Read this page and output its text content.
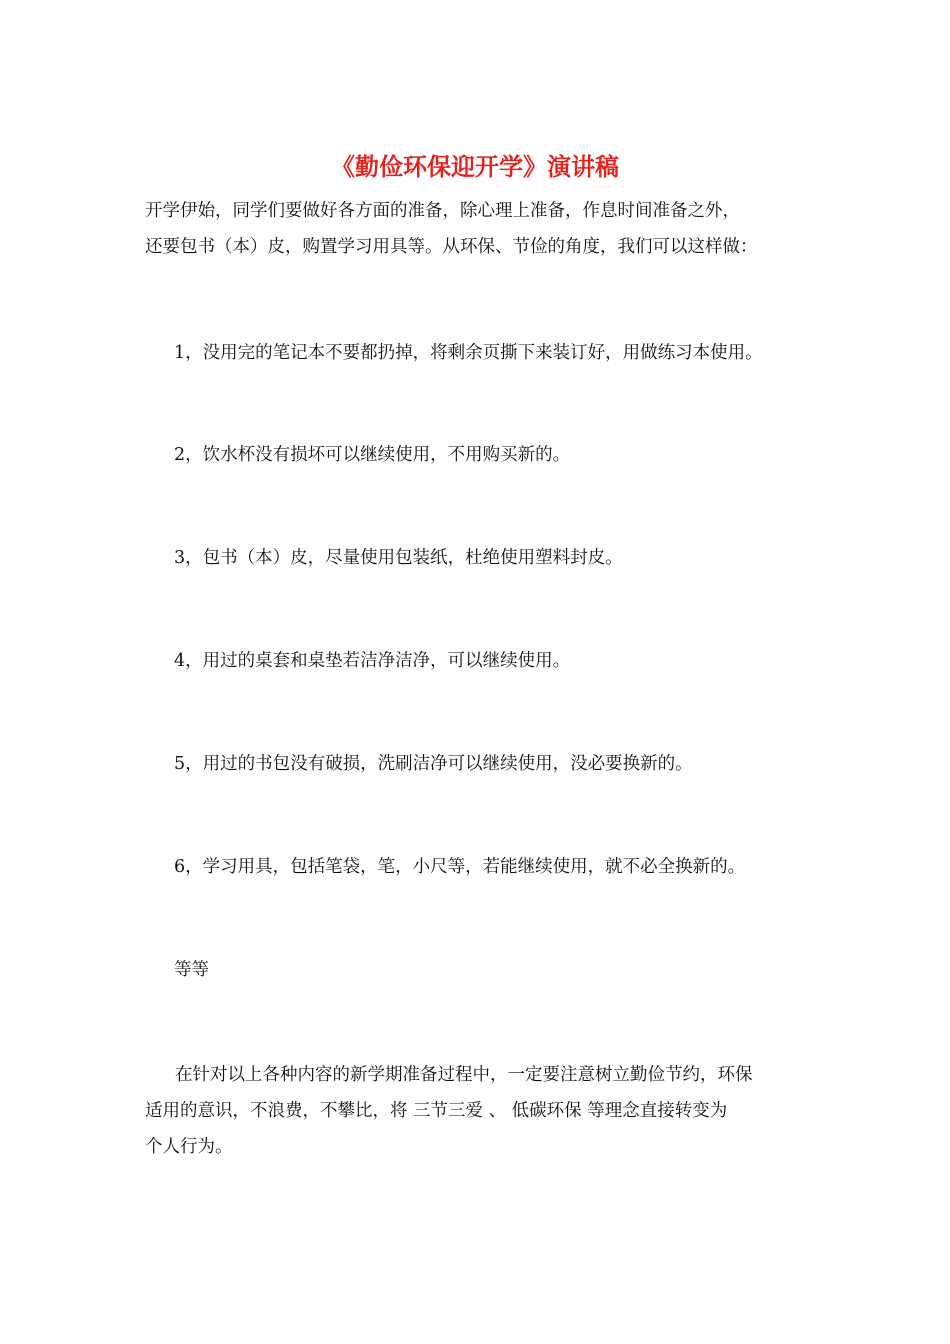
《勤俭环保迎开学》演讲稿
开学伊始，同学们要做好各方面的准备，除心理上准备，作息时间准备之外，
还要包书（本）皮，购置学习用具等。从环保、节俭的角度，我们可以这样做：
1，没用完的笔记本不要都扔掉，将剩余页撕下来装订好，用做练习本使用。
2，饮水杯没有损坏可以继续使用，不用购买新的。
3，包书（本）皮，尽量使用包装纸，杜绝使用塑料封皮。
4，用过的桌套和桌垫若洁净洁净，可以继续使用。
5，用过的书包没有破损，洗刷洁净可以继续使用，没必要换新的。
6，学习用具，包括笔袋，笔，小尺等，若能继续使用，就不必全换新的。
等等
在针对以上各种内容的新学期准备过程中，一定要注意树立勤俭节约，环保
适用的意识，不浪费，不攀比，将 三节三爱 、 低碳环保 等理念直接转变为
个人行为。
